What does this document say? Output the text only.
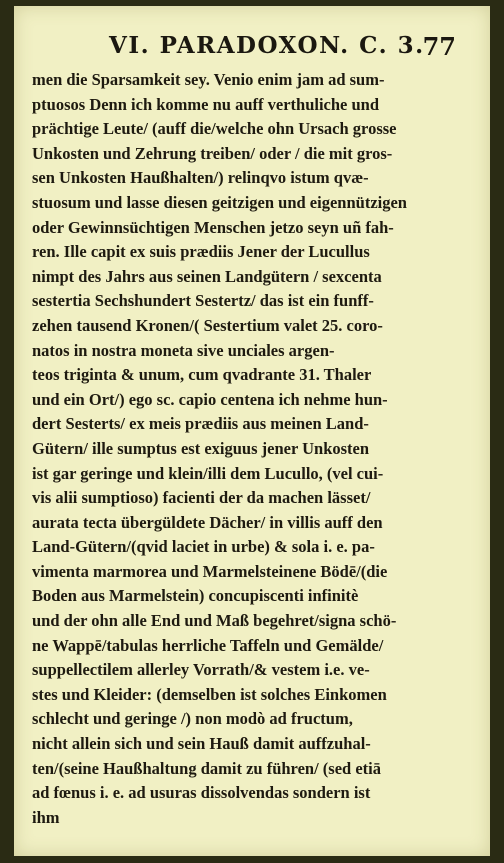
VI. PARADOXON. C. 3.
77
men die Sparsamkeit sey. Venio enim jam ad sum-
ptuosos Denn ich komme nu auff verthuliche und
prächtige Leute/ (auff die/welche ohn Ursach grosse
Unkosten und Zehrung treiben/ oder / die mit gros-
sen Unkosten Haußhalten/) relinqvo istum qvæ-
stuosum und lasse diesen geitzigen und eigennützigen
oder Gewinnsüchtigen Menschen jetzo seyn uñ fah-
ren. Ille capit ex suis prædiis Jener der Lucullus
nimpt des Jahrs aus seinen Landgütern / sexcenta
sestertia Sechshundert Sestertz/ das ist ein funff-
zehen tausend Kronen/( Sestertium valet 25. coro-
natos in nostra moneta sive unciales argen-
teos triginta & unum, cum qvadrante 31. Thaler
und ein Ort/) ego sc. capio centena ich nehme hun-
dert Sesterts/ ex meis prædiis aus meinen Land-
Gütern/ ille sumptus est exiguus jener Unkosten
ist gar geringe und klein/illi dem Lucullo, (vel cui-
vis alii sumptioso) facienti der da machen lässet/
aurata tecta übergüldete Dächer/ in villis auff den
Land-Gütern/(qvid laciet in urbe) & sola i. e. pa-
vimenta marmorea und Marmelsteinene Bödē/(die
Boden aus Marmelstein) concupiscenti infinitè
und der ohn alle End und Maß begehret/signa schö-
ne Wappē/tabulas herrliche Taffeln und Gemälde/
suppellectilem allerley Vorrath/& vestem i.e. ve-
stes und Kleider: (demselben ist solches Einkomen
schlecht und geringe /) non modò ad fructum,
nicht allein sich und sein Hauß damit auffzuhal-
ten/(seine Haußhaltung damit zu führen/ (sed etiā
ad fœnus i. e. ad usuras dissolvendas sondern ist
ihm
